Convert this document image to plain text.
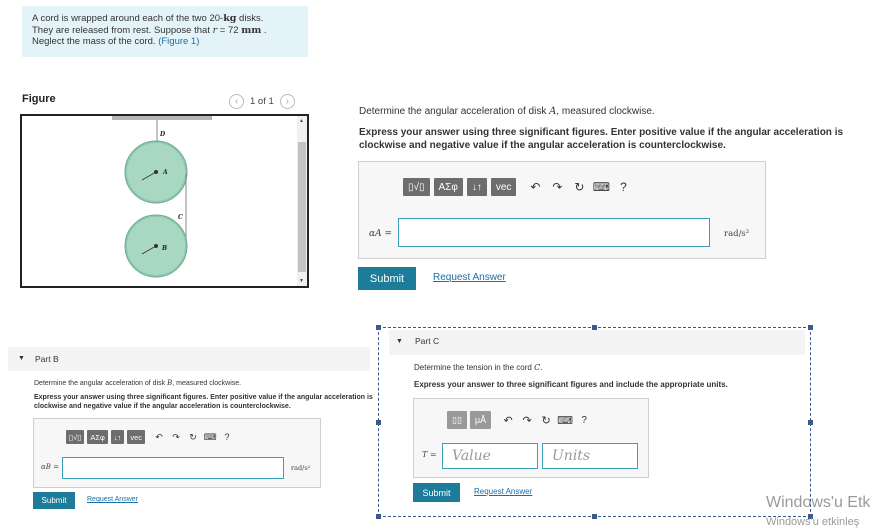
A cord is wrapped around each of the two 20-kg disks.
They are released from rest. Suppose that r = 72 mm .
Neglect the mass of the cord. (Figure 1)
Figure	‹	1 of 1	›
D
A
C
B
▲
▼
Determine the angular acceleration of disk A, measured clockwise.
Express your answer using three significant figures. Enter positive value if the angular acceleration is clockwise and negative value if the angular acceleration is counterclockwise.
▯√▯	ΑΣφ	↓↑	vec	↶ ↷ ↻ ⌨ ?
αA =	rad/s²
Submit	Request Answer
▼ Part B
Determine the angular acceleration of disk B, measured clockwise.
Express your answer using three significant figures. Enter positive value if the angular acceleration is clockwise and negative value if the angular acceleration is counterclockwise.
▯√▯	ΑΣφ	↓↑	vec	↶	↷	↻ ⌨ ?
αB =	rad/s²
Submit	Request Answer
▼ Part C
Determine the tension in the cord C.
Express your answer to three significant figures and include the appropriate units.
▯▯	μÅ	↶ ↷ ↻ ⌨ ?
T = Value	Units
Submit	Request Answer
Windows'u Etk
Windows'u etkinleş
